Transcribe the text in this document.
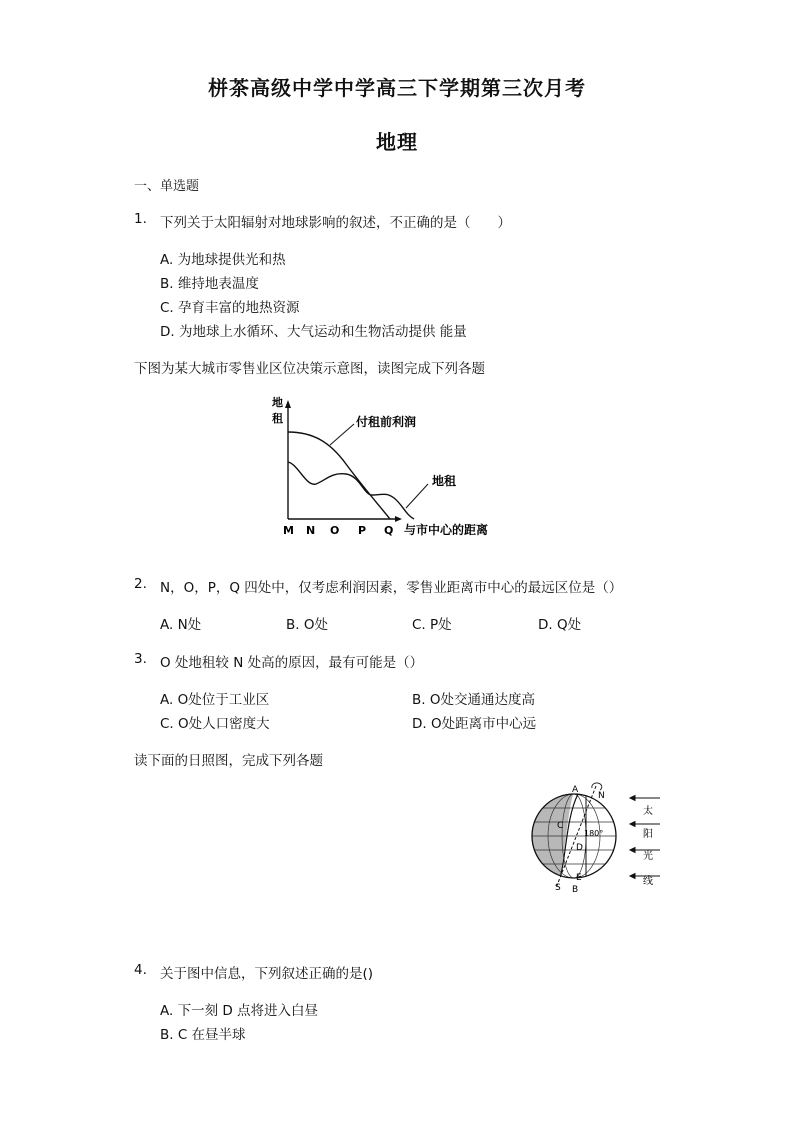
栟茶高级中学中学高三下学期第三次月考
地理
一、单选题
1. 下列关于太阳辐射对地球影响的叙述，不正确的是（　　）
A. 为地球提供光和热
B. 维持地表温度
C. 孕育丰富的地热资源
D. 为地球上水循环、大气运动和生物活动提供 能量
下图为某大城市零售业区位决策示意图，读图完成下列各题
地
租	付租前利润
地租
M N O P Q 与市中心的距离
2. N，O，P，Q 四处中，仅考虑利润因素，零售业距离市中心的最远区位是（）
A. N处	B. O处	C. P处	D. Q处
3. O 处地租较 N 处高的原因，最有可能是（）
A. O处位于工业区	B. O处交通通达度高
C. O处人口密度大	D. O处距离市中心远
读下面的日照图，完成下列各题
A
N
C
D
S
E
B
180°
太
阳
光
线
4. 关于图中信息，下列叙述正确的是()
A. 下一刻 D 点将进入白昼
B. C 在昼半球
